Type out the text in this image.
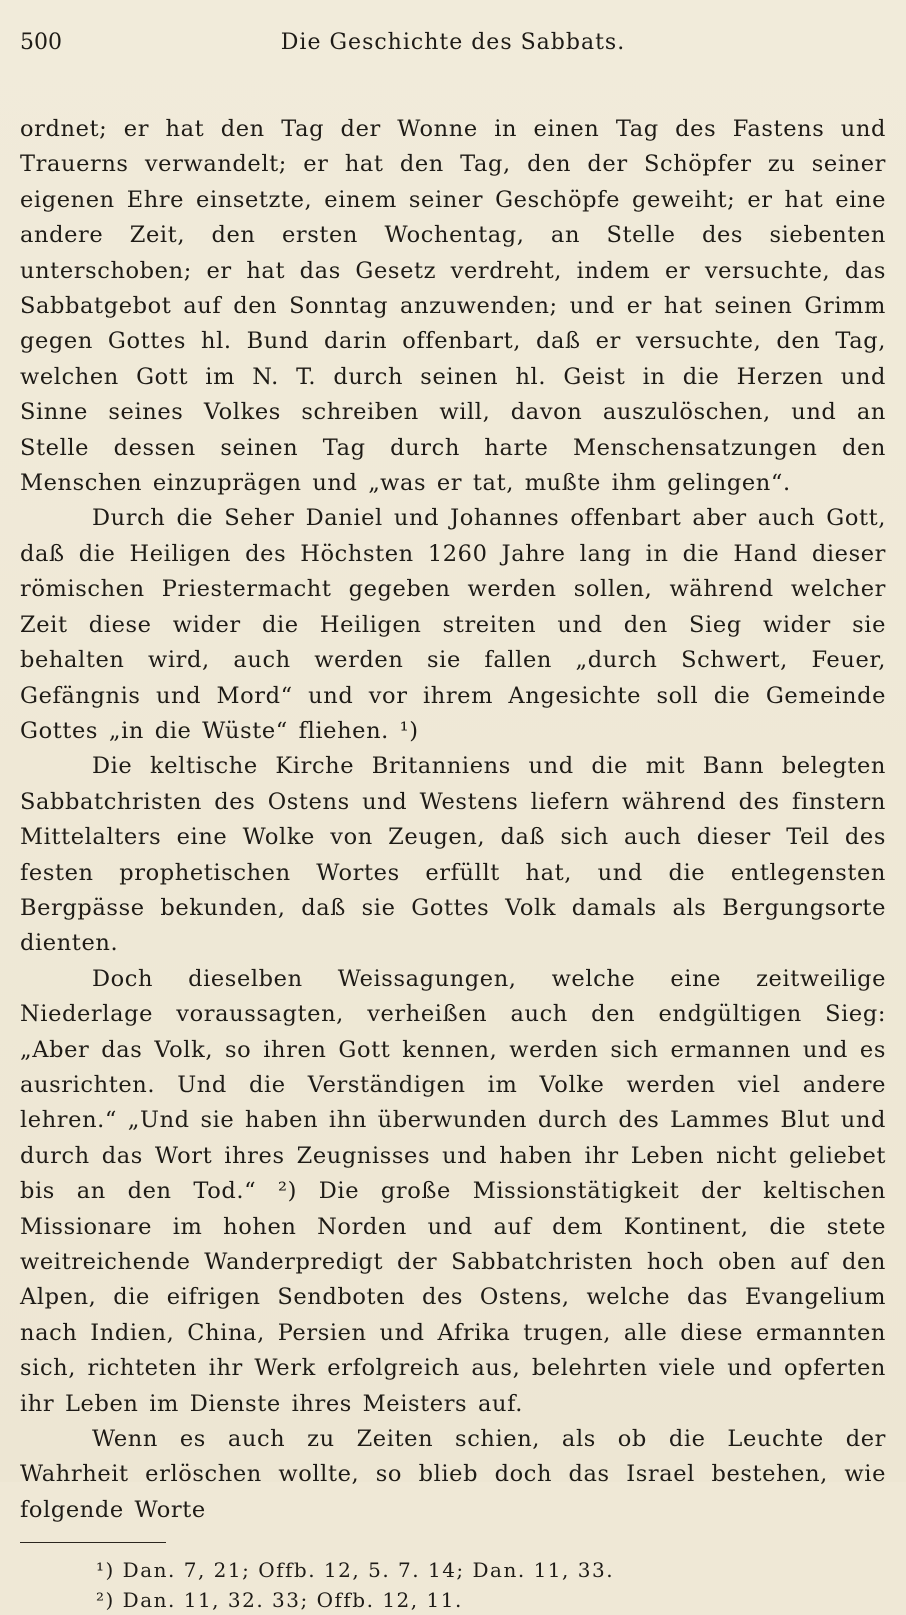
500	Die Geschichte des Sabbats.

ordnet; er hat den Tag der Wonne in einen Tag des Fastens und Trauerns verwandelt; er hat den Tag, den der Schöpfer zu seiner eigenen Ehre einsetzte, einem seiner Geschöpfe geweiht; er hat eine andere Zeit, den ersten Wochentag, an Stelle des siebenten unterschoben; er hat das Gesetz verdreht, indem er versuchte, das Sabbatgebot auf den Sonntag anzuwenden; und er hat seinen Grimm gegen Gottes hl. Bund darin offenbart, daß er versuchte, den Tag, welchen Gott im N. T. durch seinen hl. Geist in die Herzen und Sinne seines Volkes schreiben will, davon auszulöschen, und an Stelle dessen seinen Tag durch harte Menschensatzungen den Menschen einzuprägen und „was er tat, mußte ihm gelingen“.

Durch die Seher Daniel und Johannes offenbart aber auch Gott, daß die Heiligen des Höchsten 1260 Jahre lang in die Hand dieser römischen Priestermacht gegeben werden sollen, während welcher Zeit diese wider die Heiligen streiten und den Sieg wider sie behalten wird, auch werden sie fallen „durch Schwert, Feuer, Gefängnis und Mord“ und vor ihrem Angesichte soll die Gemeinde Gottes „in die Wüste“ fliehen. ¹)

Die keltische Kirche Britanniens und die mit Bann belegten Sabbatchristen des Ostens und Westens liefern während des finstern Mittelalters eine Wolke von Zeugen, daß sich auch dieser Teil des festen prophetischen Wortes erfüllt hat, und die entlegensten Bergpässe bekunden, daß sie Gottes Volk damals als Bergungsorte dienten.

Doch dieselben Weissagungen, welche eine zeitweilige Niederlage voraussagten, verheißen auch den endgültigen Sieg: „Aber das Volk, so ihren Gott kennen, werden sich ermannen und es ausrichten. Und die Verständigen im Volke werden viel andere lehren.“ „Und sie haben ihn überwunden durch des Lammes Blut und durch das Wort ihres Zeugnisses und haben ihr Leben nicht geliebet bis an den Tod.“ ²) Die große Missionstätigkeit der keltischen Missionare im hohen Norden und auf dem Kontinent, die stete weitreichende Wanderpredigt der Sabbatchristen hoch oben auf den Alpen, die eifrigen Sendboten des Ostens, welche das Evangelium nach Indien, China, Persien und Afrika trugen, alle diese ermannten sich, richteten ihr Werk erfolgreich aus, belehrten viele und opferten ihr Leben im Dienste ihres Meisters auf.

Wenn es auch zu Zeiten schien, als ob die Leuchte der Wahrheit erlöschen wollte, so blieb doch das Israel bestehen, wie folgende Worte

¹) Dan. 7, 21; Offb. 12, 5. 7. 14; Dan. 11, 33.

²) Dan. 11, 32. 33; Offb. 12, 11.
